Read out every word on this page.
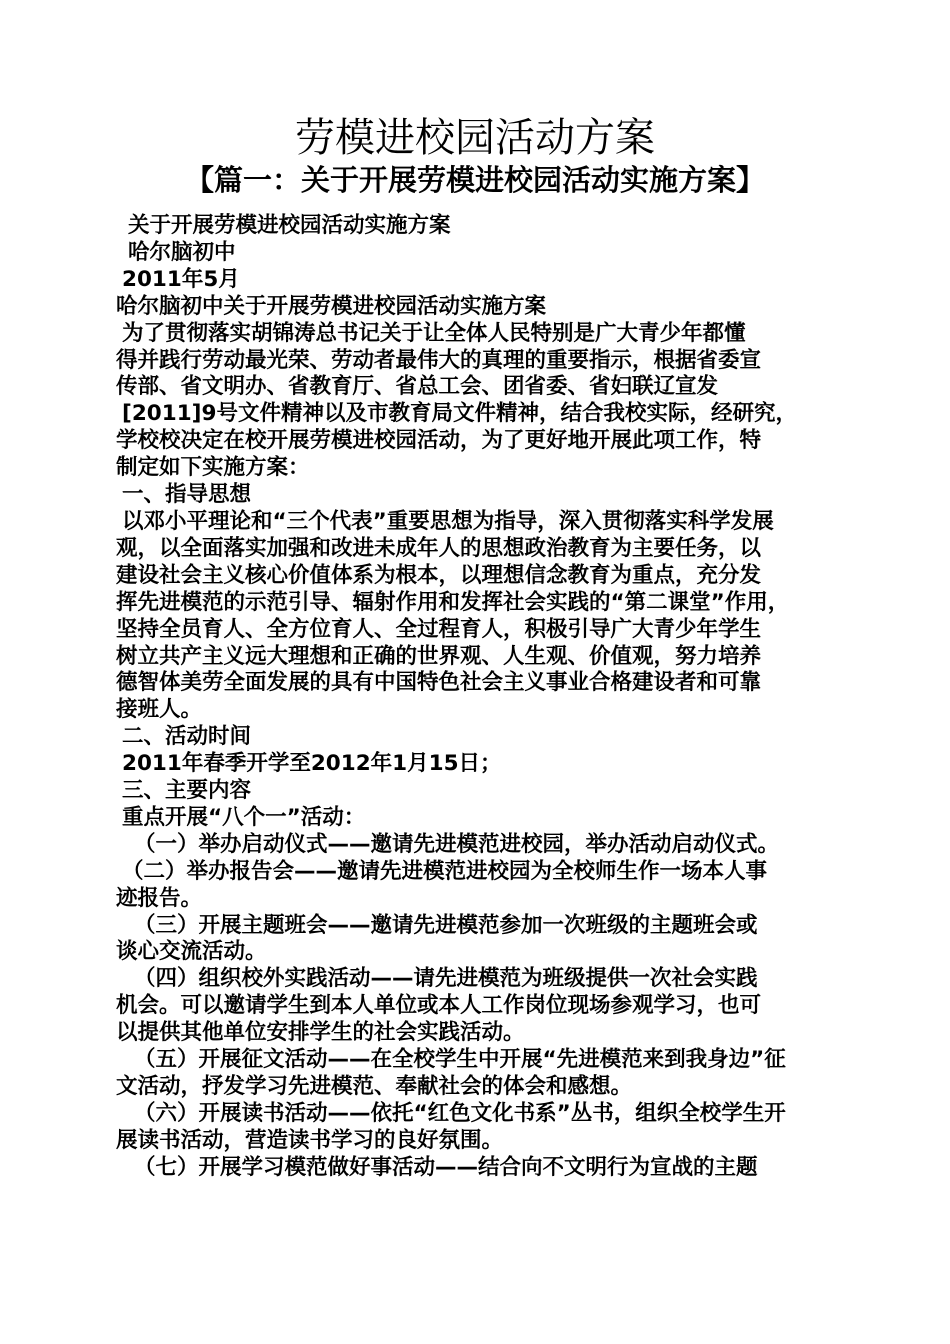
劳模进校园活动方案
【篇一：关于开展劳模进校园活动实施方案】

关于开展劳模进校园活动实施方案

哈尔脑初中

2011年5月

哈尔脑初中关于开展劳模进校园活动实施方案

为了贯彻落实胡锦涛总书记关于让全体人民特别是广大青少年都懂

得并践行劳动最光荣、劳动者最伟大的真理的重要指示，根据省委宣

传部、省文明办、省教育厅、省总工会、团省委、省妇联辽宣发

[2011]9号文件精神以及市教育局文件精神，结合我校实际，经研究，

学校校决定在校开展劳模进校园活动，为了更好地开展此项工作，特

制定如下实施方案：

一、指导思想

以邓小平理论和“三个代表”重要思想为指导，深入贯彻落实科学发展

观，以全面落实加强和改进未成年人的思想政治教育为主要任务，以

建设社会主义核心价值体系为根本，以理想信念教育为重点，充分发

挥先进模范的示范引导、辐射作用和发挥社会实践的“第二课堂”作用，

坚持全员育人、全方位育人、全过程育人，积极引导广大青少年学生

树立共产主义远大理想和正确的世界观、人生观、价值观，努力培养

德智体美劳全面发展的具有中国特色社会主义事业合格建设者和可靠

接班人。

二、活动时间

2011年春季开学至2012年1月15日；

三、主要内容

重点开展“八个一”活动：

（一）举办启动仪式——邀请先进模范进校园，举办活动启动仪式。

（二）举办报告会——邀请先进模范进校园为全校师生作一场本人事

迹报告。

（三）开展主题班会——邀请先进模范参加一次班级的主题班会或

谈心交流活动。

（四）组织校外实践活动——请先进模范为班级提供一次社会实践

机会。可以邀请学生到本人单位或本人工作岗位现场参观学习，也可

以提供其他单位安排学生的社会实践活动。

（五）开展征文活动——在全校学生中开展“先进模范来到我身边”征

文活动，抒发学习先进模范、奉献社会的体会和感想。

（六）开展读书活动——依托“红色文化书系”丛书，组织全校学生开

展读书活动，营造读书学习的良好氛围。

（七）开展学习模范做好事活动——结合向不文明行为宣战的主题
